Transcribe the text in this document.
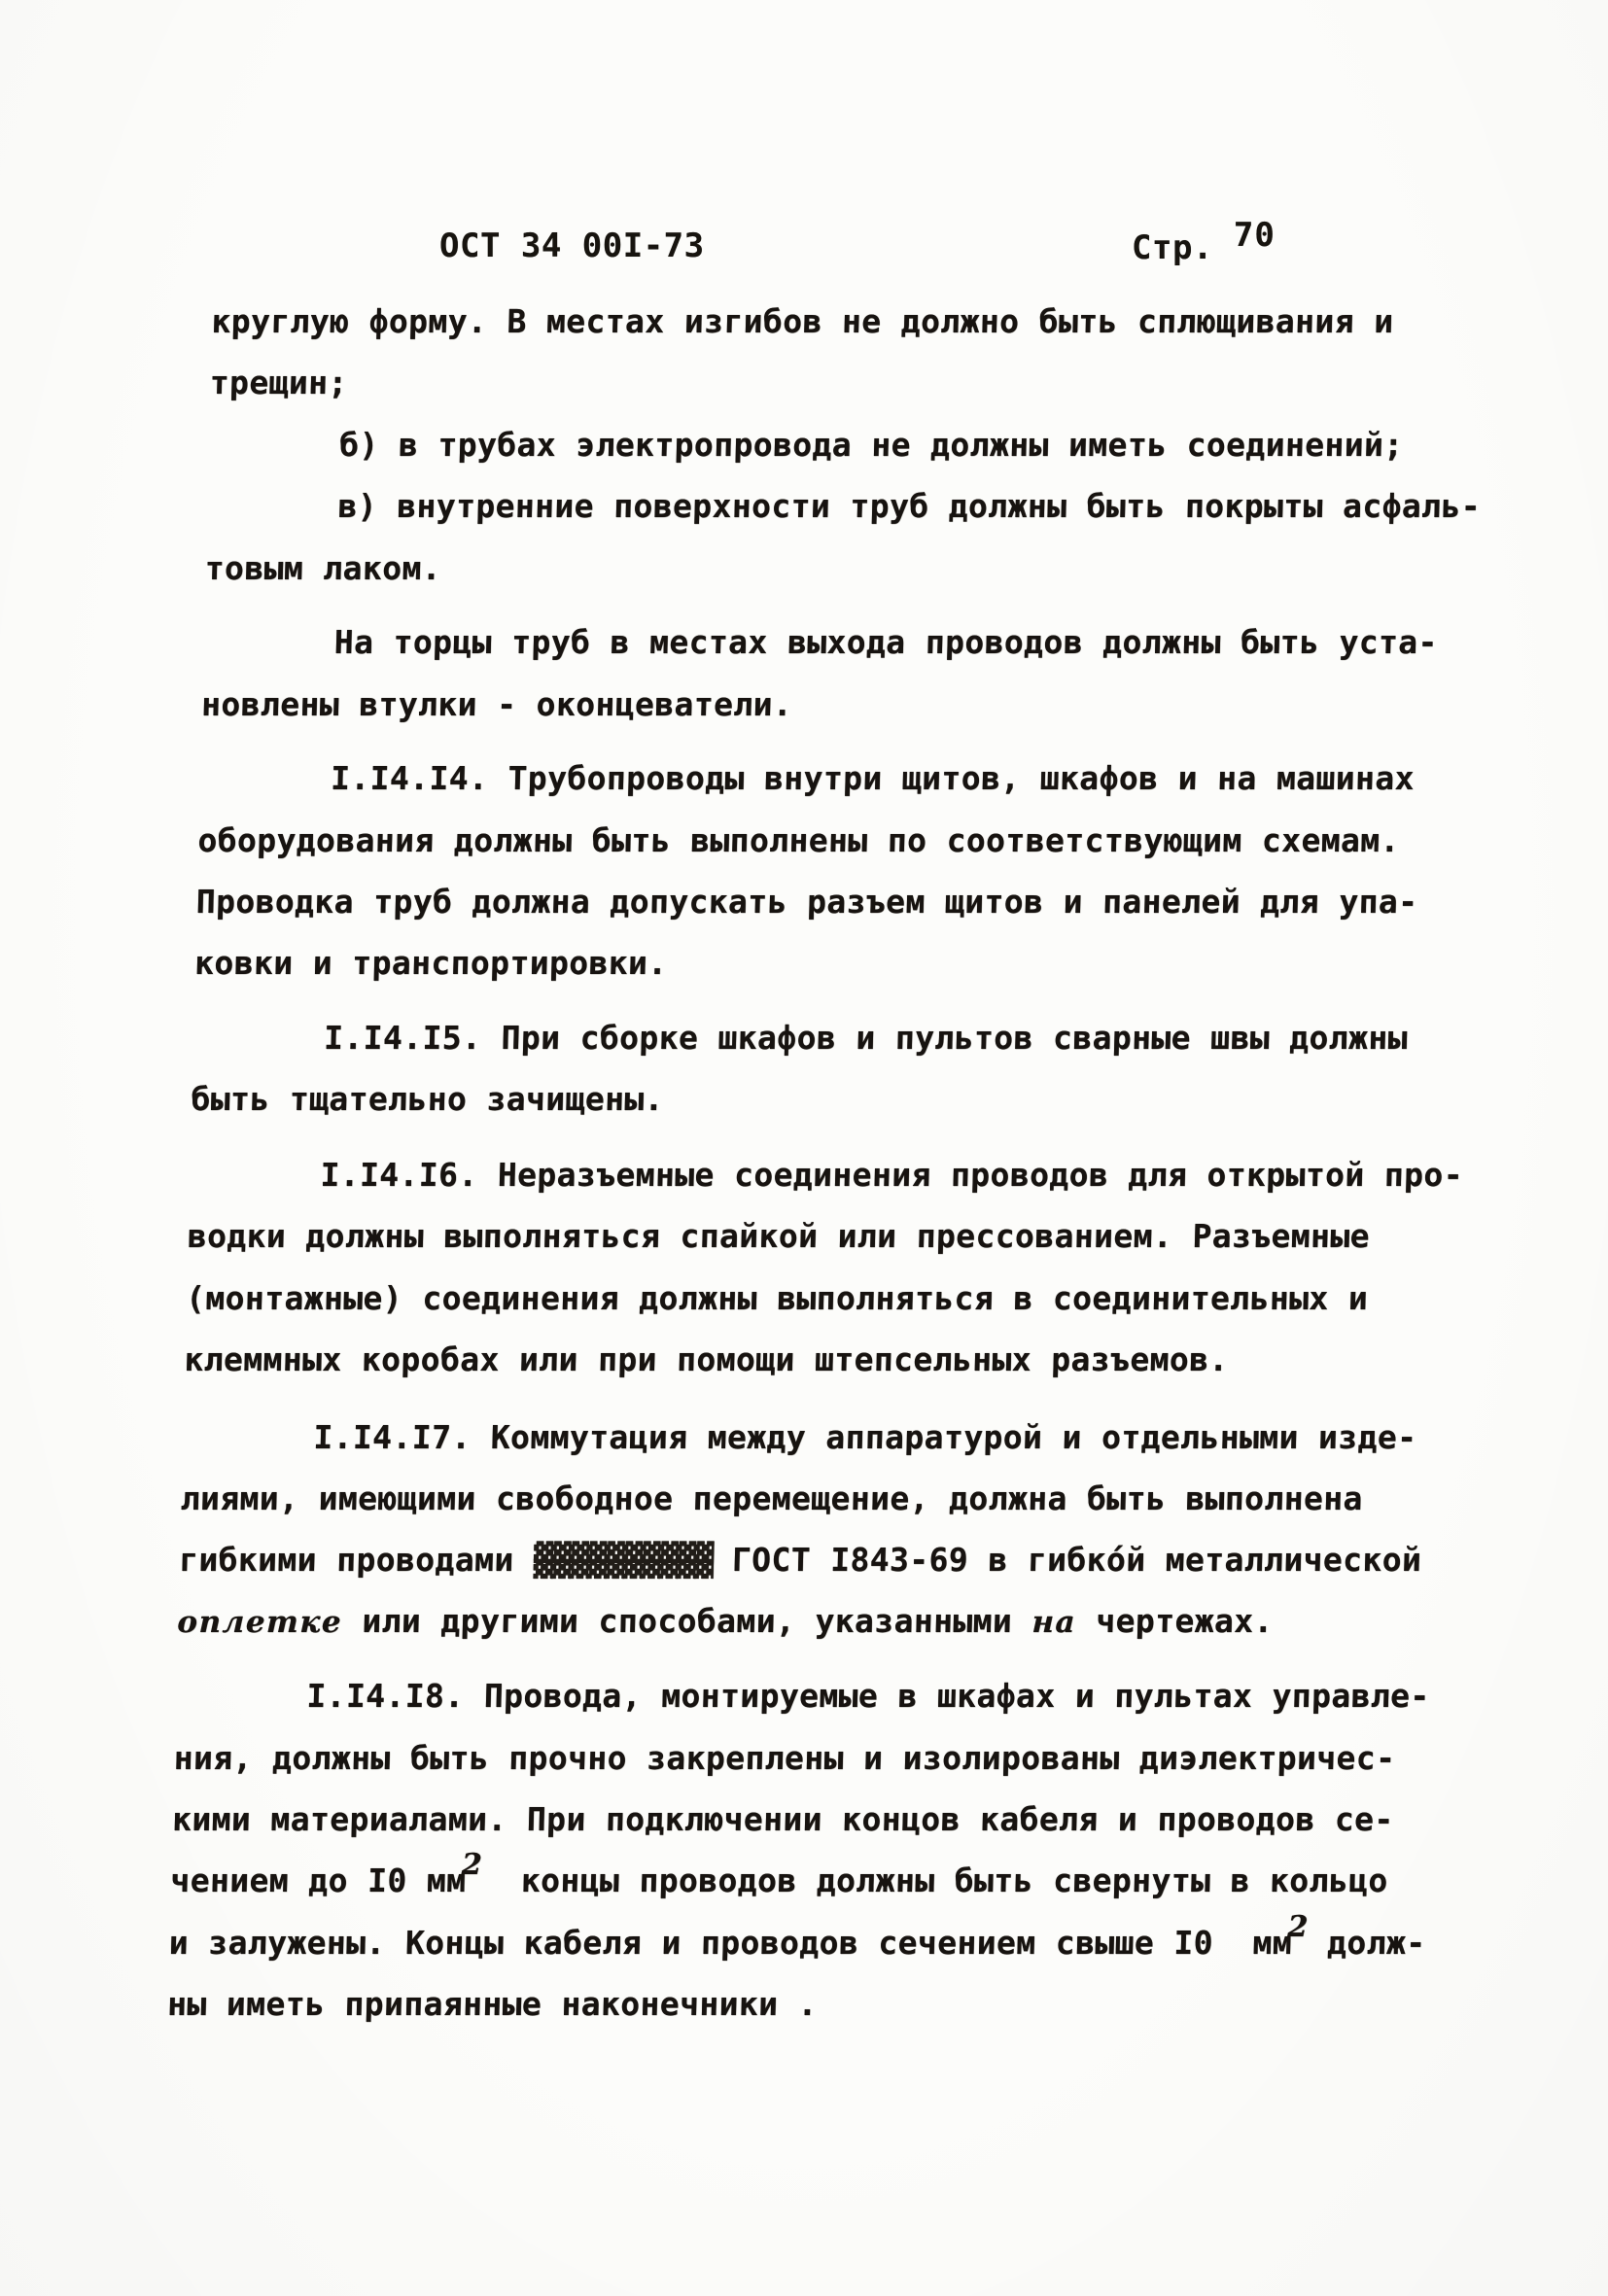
ОСТ 34 00I-73	Стр. 70
круглую форму. В местах изгибов не должно быть сплющивания и
трещин;
б) в трубах электропровода не должны иметь соединений;
в) внутренние поверхности труб должны быть покрыты асфаль-
товым лаком.
На торцы труб в местах выхода проводов должны быть уста-
новлены втулки - оконцеватели.
I.I4.I4. Трубопроводы внутри щитов, шкафов и на машинах
оборудования должны быть выполнены по соответствующим схемам.
Проводка труб должна допускать разъем щитов и панелей для упа-
ковки и транспортировки.
I.I4.I5. При сборке шкафов и пультов сварные швы должны
быть тщательно зачищены.
I.I4.I6. Неразъемные соединения проводов для открытой про-
водки должны выполняться спайкой или прессованием. Разъемные
(монтажные) соединения должны выполняться в соединительных и
клеммных коробах или при помощи штепсельных разъемов.
I.I4.I7. Коммутация между аппаратурой и отдельными изде-
лиями, имеющими свободное перемещение, должна быть выполнена
гибкими проводами ▓▓▓▓▓▓▓▓▓▓ ГОСТ I843-69 в гибко́й металлической
оплетке или другими способами, указанными на чертежах.
I.I4.I8. Провода, монтируемые в шкафах и пультах управле-
ния, должны быть прочно закреплены и изолированы диэлектричес-
кими материалами. При подключении концов кабеля и проводов се-
чением до I0 мм2  концы проводов должны быть свернуты в кольцо
и залужены. Концы кабеля и проводов сечением свыше I0  мм2 долж-
ны иметь припаянные наконечники .
